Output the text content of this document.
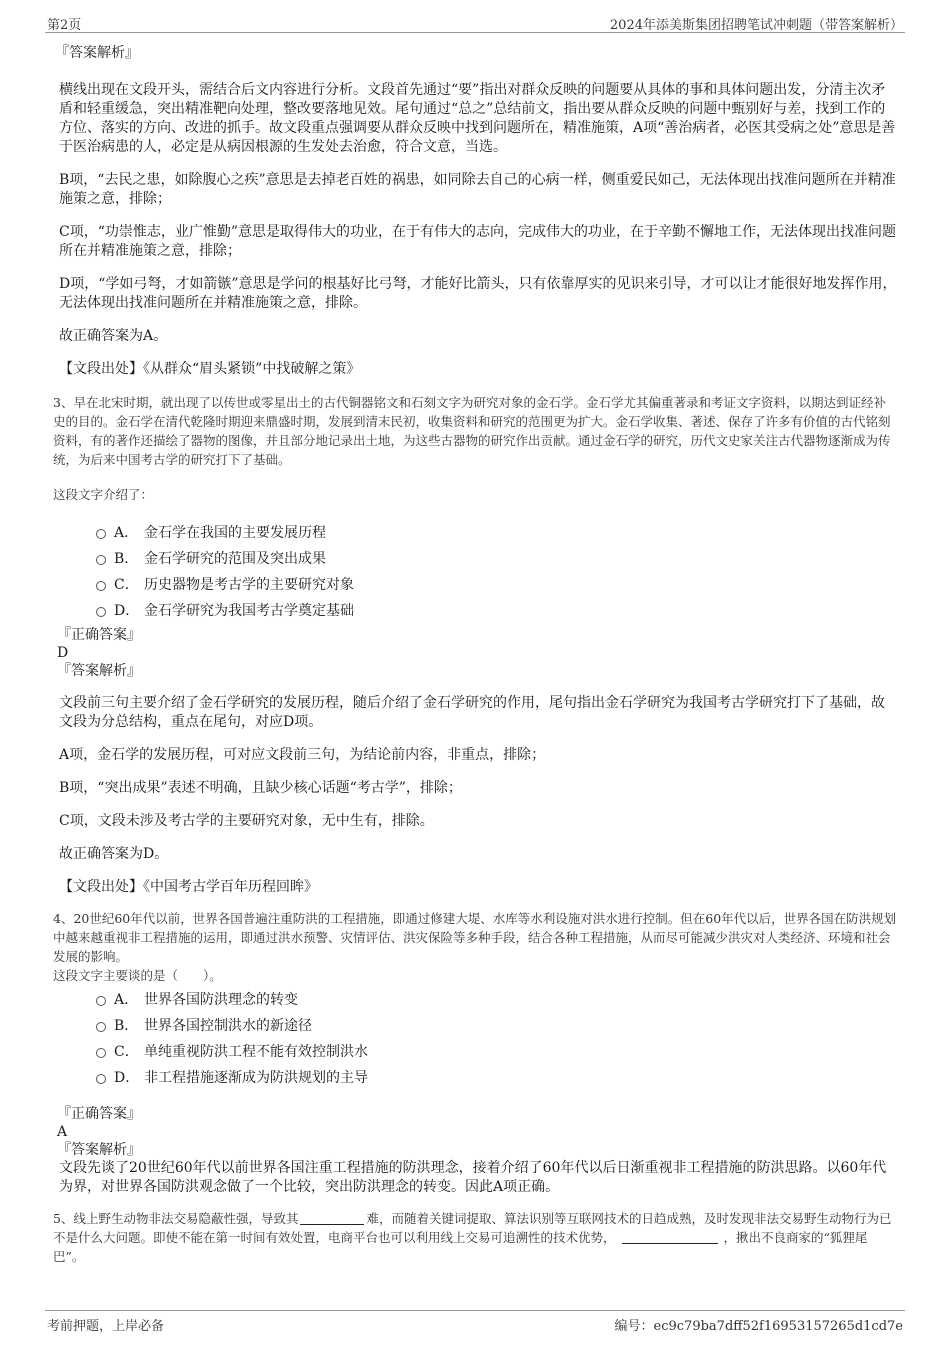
第2页	2024年添美斯集团招聘笔试冲刺题（带答案解析）
『答案解析』

横线出现在文段开头，需结合后文内容进行分析。文段首先通过“要”指出对群众反映的问题要从具体的事和具体问题出发，分清主次矛盾和轻重缓急，突出精准靶向处理，整改要落地见效。尾句通过“总之”总结前文，指出要从群众反映的问题中甄别好与差，找到工作的方位、落实的方向、改进的抓手。故文段重点强调要从群众反映中找到问题所在，精准施策，A项“善治病者，必医其受病之处”意思是善于医治病患的人，必定是从病因根源的生发处去治愈，符合文意，当选。

B项，“去民之患，如除腹心之疾”意思是去掉老百姓的祸患，如同除去自己的心病一样，侧重爱民如己，无法体现出找准问题所在并精准施策之意，排除；

C项，“功崇惟志，业广惟勤”意思是取得伟大的功业，在于有伟大的志向，完成伟大的功业，在于辛勤不懈地工作，无法体现出找准问题所在并精准施策之意，排除；

D项，“学如弓弩，才如箭镞”意思是学问的根基好比弓弩，才能好比箭头，只有依靠厚实的见识来引导，才可以让才能很好地发挥作用，无法体现出找准问题所在并精准施策之意，排除。

故正确答案为A。

【文段出处】《从群众“眉头紧锁”中找破解之策》

3、早在北宋时期，就出现了以传世或零星出土的古代铜器铭文和石刻文字为研究对象的金石学。金石学尤其偏重著录和考证文字资料，以期达到证经补史的目的。金石学在清代乾隆时期迎来鼎盛时期，发展到清末民初，收集资料和研究的范围更为扩大。金石学收集、著述、保存了许多有价值的古代铭刻资料，有的著作还描绘了器物的图像，并且部分地记录出土地，为这些古器物的研究作出贡献。通过金石学的研究，历代文史家关注古代器物逐渐成为传统，为后来中国考古学的研究打下了基础。

这段文字介绍了：

A． 金石学在我国的主要发展历程
B． 金石学研究的范围及突出成果
C． 历史器物是考古学的主要研究对象
D． 金石学研究为我国考古学奠定基础

『正确答案』

D

『答案解析』

文段前三句主要介绍了金石学研究的发展历程，随后介绍了金石学研究的作用，尾句指出金石学研究为我国考古学研究打下了基础，故文段为分总结构，重点在尾句，对应D项。

A项，金石学的发展历程，可对应文段前三句，为结论前内容，非重点，排除；

B项，“突出成果”表述不明确，且缺少核心话题“考古学”，排除；

C项，文段未涉及考古学的主要研究对象，无中生有，排除。

故正确答案为D。

【文段出处】《中国考古学百年历程回眸》

4、20世纪60年代以前，世界各国普遍注重防洪的工程措施，即通过修建大堤、水库等水利设施对洪水进行控制。但在60年代以后，世界各国在防洪规划中越来越重视非工程措施的运用，即通过洪水预警、灾情评估、洪灾保险等多种手段，结合各种工程措施，从而尽可能减少洪灾对人类经济、环境和社会发展的影响。

这段文字主要谈的是（　　）。

A． 世界各国防洪理念的转变
B． 世界各国控制洪水的新途径
C． 单纯重视防洪工程不能有效控制洪水
D． 非工程措施逐渐成为防洪规划的主导

『正确答案』

A

『答案解析』

文段先谈了20世纪60年代以前世界各国注重工程措施的防洪理念，接着介绍了60年代以后日渐重视非工程措施的防洪思路。以60年代为界，对世界各国防洪观念做了一个比较，突出防洪理念的转变。因此A项正确。

5、线上野生动物非法交易隐蔽性强，导致其	难，而随着关键词提取、算法识别等互联网技术的日趋成熟，及时发现非法交易野生动物行为已不是什么大问题。即使不能在第一时间有效处置，电商平台也可以利用线上交易可追溯性的技术优势，	，揪出不良商家的“狐狸尾巴”。

考前押题，上岸必备	编号：ec9c79ba7dff52f16953157265d1cd7e
